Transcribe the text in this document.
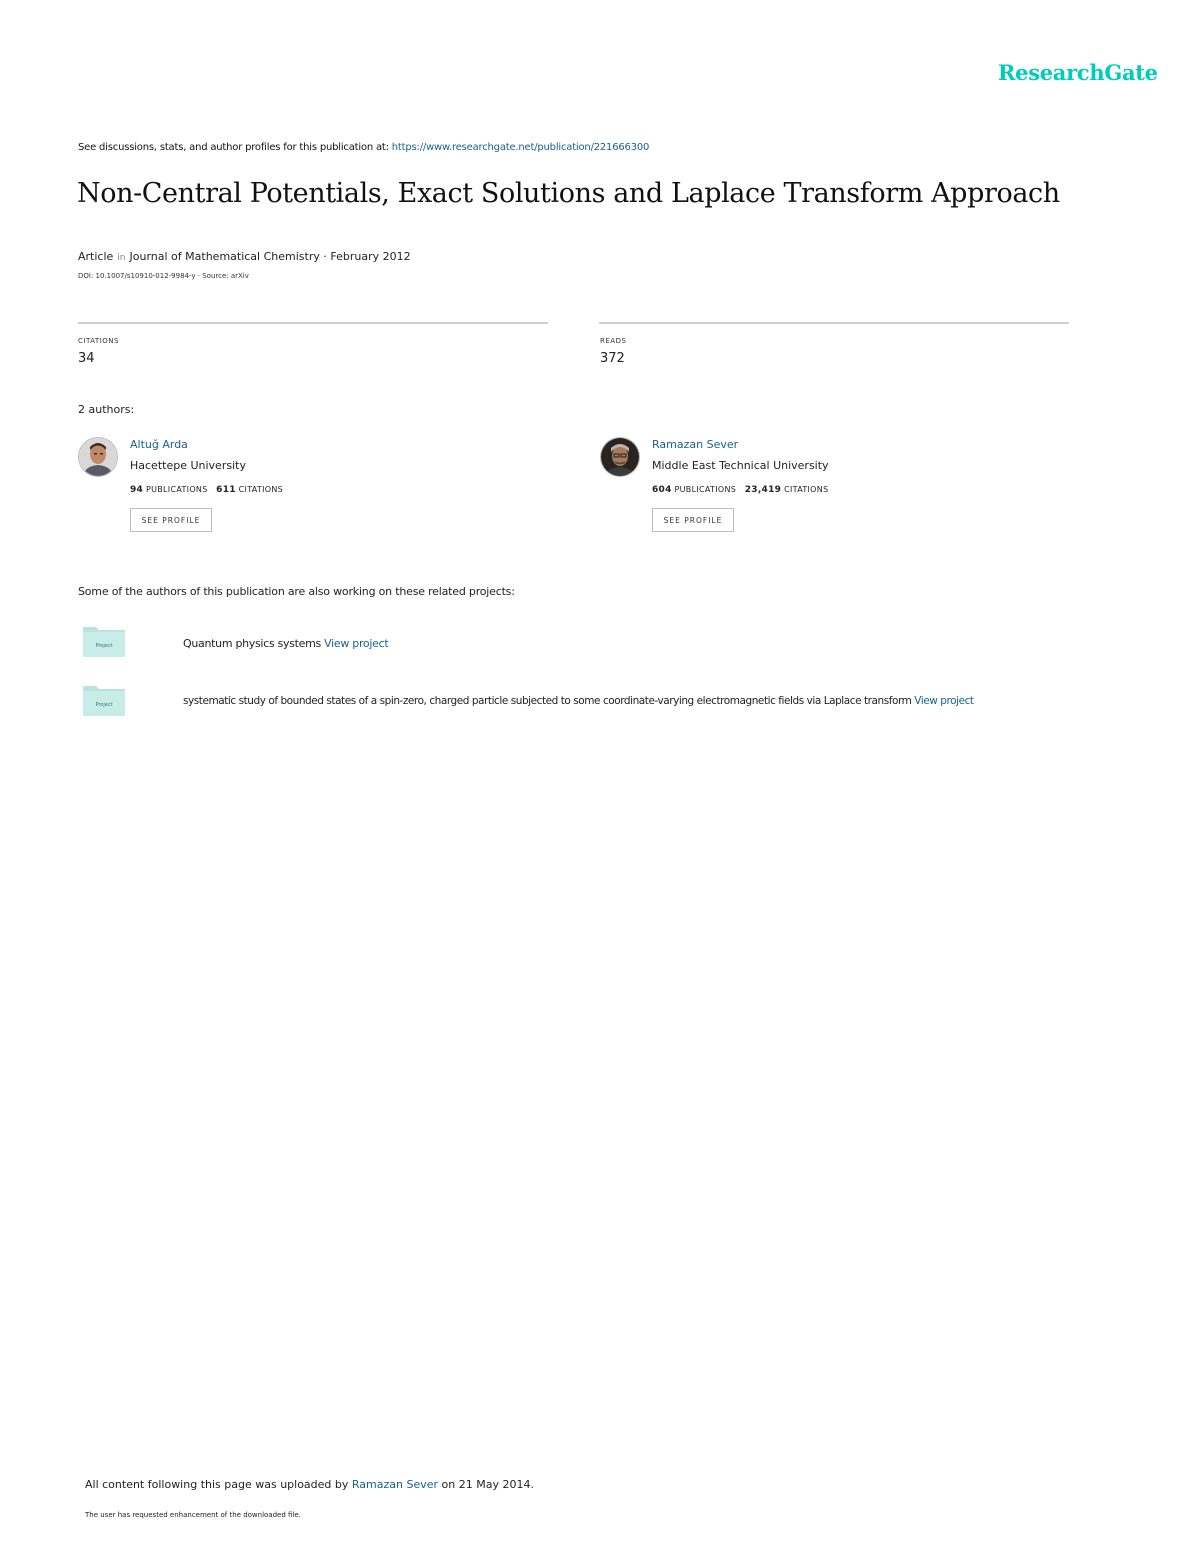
ResearchGate
See discussions, stats, and author profiles for this publication at: https://www.researchgate.net/publication/221666300
Non-Central Potentials, Exact Solutions and Laplace Transform Approach
Article in Journal of Mathematical Chemistry · February 2012
DOI: 10.1007/s10910-012-9984-y · Source: arXiv
CITATIONS
34
READS
372
2 authors:
Altuğ Arda
Hacettepe University
94 PUBLICATIONS 611 CITATIONS
SEE PROFILE
Ramazan Sever
Middle East Technical University
604 PUBLICATIONS 23,419 CITATIONS
SEE PROFILE
Some of the authors of this publication are also working on these related projects:
Project	Quantum physics systems View project
Project	systematic study of bounded states of a spin-zero, charged particle subjected to some coordinate-varying electromagnetic fields via Laplace transform View project
All content following this page was uploaded by Ramazan Sever on 21 May 2014.
The user has requested enhancement of the downloaded file.
